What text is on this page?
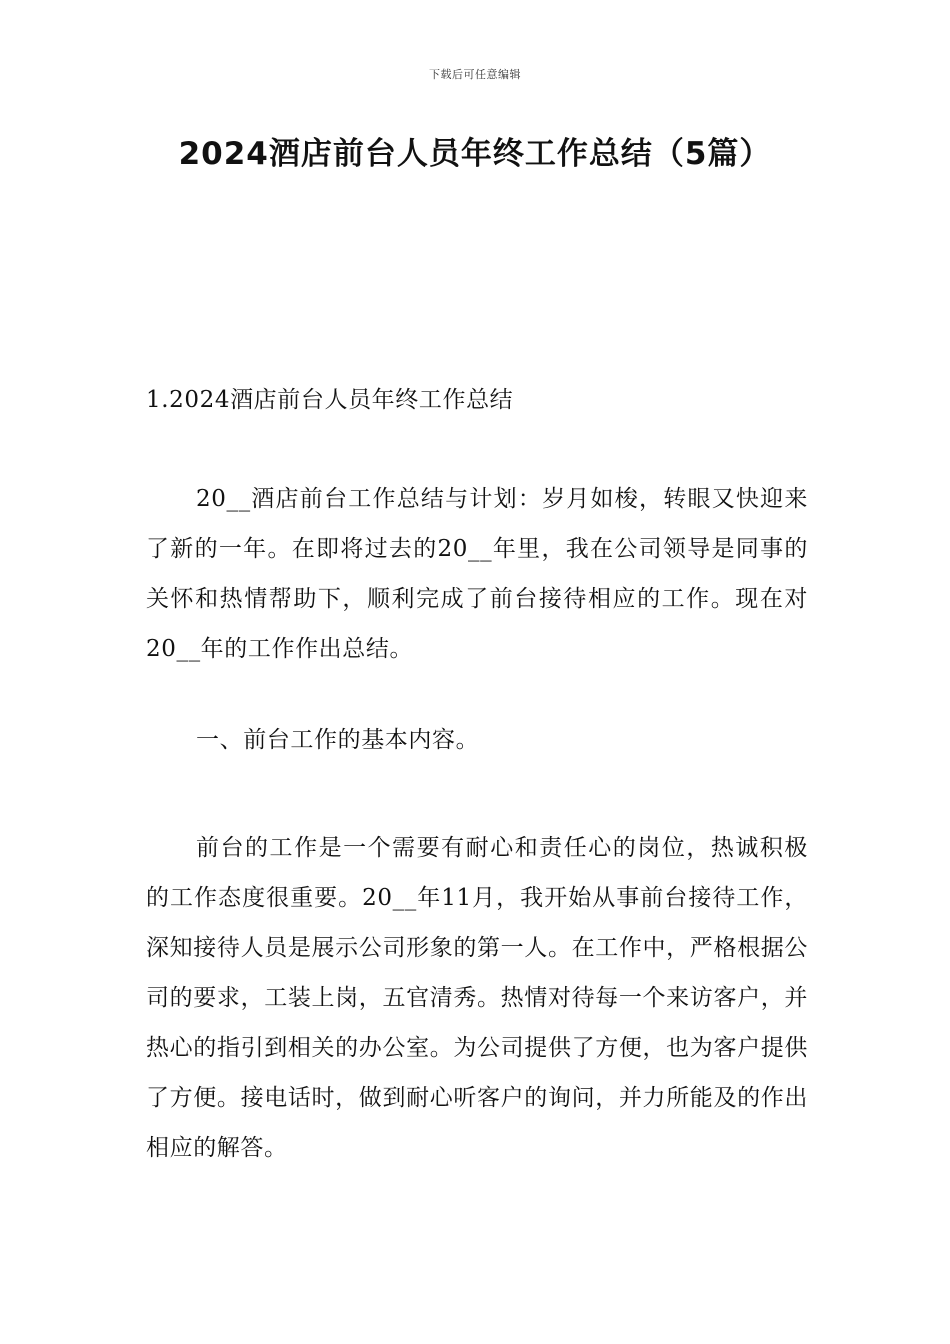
下载后可任意编辑
2024酒店前台人员年终工作总结（5篇）

1.2024酒店前台人员年终工作总结

20__酒店前台工作总结与计划：岁月如梭，转眼又快迎来了新的一年。在即将过去的20__年里，我在公司领导是同事的关怀和热情帮助下，顺利完成了前台接待相应的工作。现在对20__年的工作作出总结。

一、前台工作的基本内容。

前台的工作是一个需要有耐心和责任心的岗位，热诚积极的工作态度很重要。20__年11月，我开始从事前台接待工作，深知接待人员是展示公司形象的第一人。在工作中，严格根据公司的要求，工装上岗，五官清秀。热情对待每一个来访客户，并热心的指引到相关的办公室。为公司提供了方便，也为客户提供了方便。接电话时，做到耐心听客户的询问，并力所能及的作出相应的解答。
